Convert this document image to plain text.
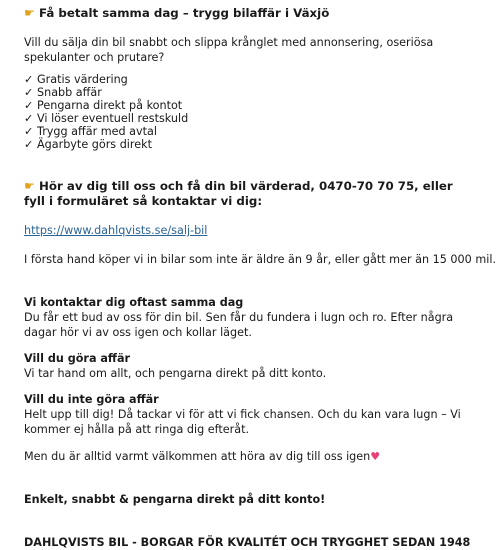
☛ Få betalt samma dag – trygg bilaffär i Växjö
Vill du sälja din bil snabbt och slippa krånglet med annonsering, oseriösa spekulanter och prutare?
✓ Gratis värdering
✓ Snabb affär
✓ Pengarna direkt på kontot
✓ Vi löser eventuell restskuld
✓ Trygg affär med avtal
✓ Ägarbyte görs direkt
☛ Hör av dig till oss och få din bil värderad, 0470-70 70 75, eller fyll i formuläret så kontaktar vi dig:
https://www.dahlqvists.se/salj-bil
I första hand köper vi in bilar som inte är äldre än 9 år, eller gått mer än 15 000 mil.
Vi kontaktar dig oftast samma dag
Du får ett bud av oss för din bil. Sen får du fundera i lugn och ro. Efter några dagar hör vi av oss igen och kollar läget.
Vill du göra affär
Vi tar hand om allt, och pengarna direkt på ditt konto.
Vill du inte göra affär
Helt upp till dig! Då tackar vi för att vi fick chansen. Och du kan vara lugn – Vi kommer ej hålla på att ringa dig efteråt.
Men du är alltid varmt välkommen att höra av dig till oss igen♥
Enkelt, snabbt & pengarna direkt på ditt konto!
DAHLQVISTS BIL - BORGAR FÖR KVALITÉT OCH TRYGGHET SEDAN 1948
